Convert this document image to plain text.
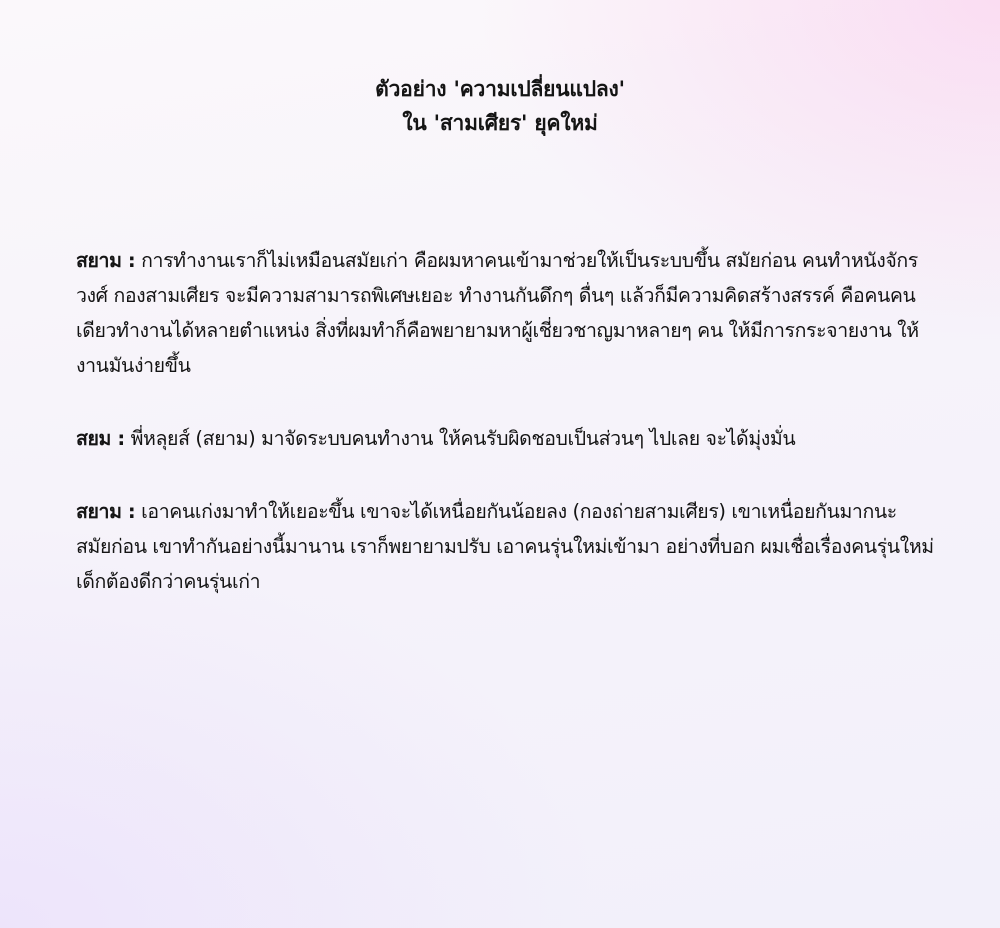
ตัวอย่าง 'ความเปลี่ยนแปลง'
ใน 'สามเศียร' ยุคใหม่

สยาม : การทำงานเราก็ไม่เหมือนสมัยเก่า คือผมหาคนเข้ามาช่วยให้เป็นระบบขึ้น สมัยก่อน คนทำหนังจักรวงศ์ กองสามเศียร จะมีความสามารถพิเศษเยอะ ทำงานกันดึกๆ ดื่นๆ แล้วก็มีความคิดสร้างสรรค์ คือคนคนเดียวทำงานได้หลายตำแหน่ง สิ่งที่ผมทำก็คือพยายามหาผู้เชี่ยวชาญมาหลายๆ คน ให้มีการกระจายงาน ให้งานมันง่ายขึ้น

สยม : พี่หลุยส์ (สยาม) มาจัดระบบคนทำงาน ให้คนรับผิดชอบเป็นส่วนๆ ไปเลย จะได้มุ่งมั่น

สยาม : เอาคนเก่งมาทำให้เยอะขึ้น เขาจะได้เหนื่อยกันน้อยลง (กองถ่ายสามเศียร) เขาเหนื่อยกันมากนะ สมัยก่อน เขาทำกันอย่างนี้มานาน เราก็พยายามปรับ เอาคนรุ่นใหม่เข้ามา อย่างที่บอก ผมเชื่อเรื่องคนรุ่นใหม่ เด็กต้องดีกว่าคนรุ่นเก่า
